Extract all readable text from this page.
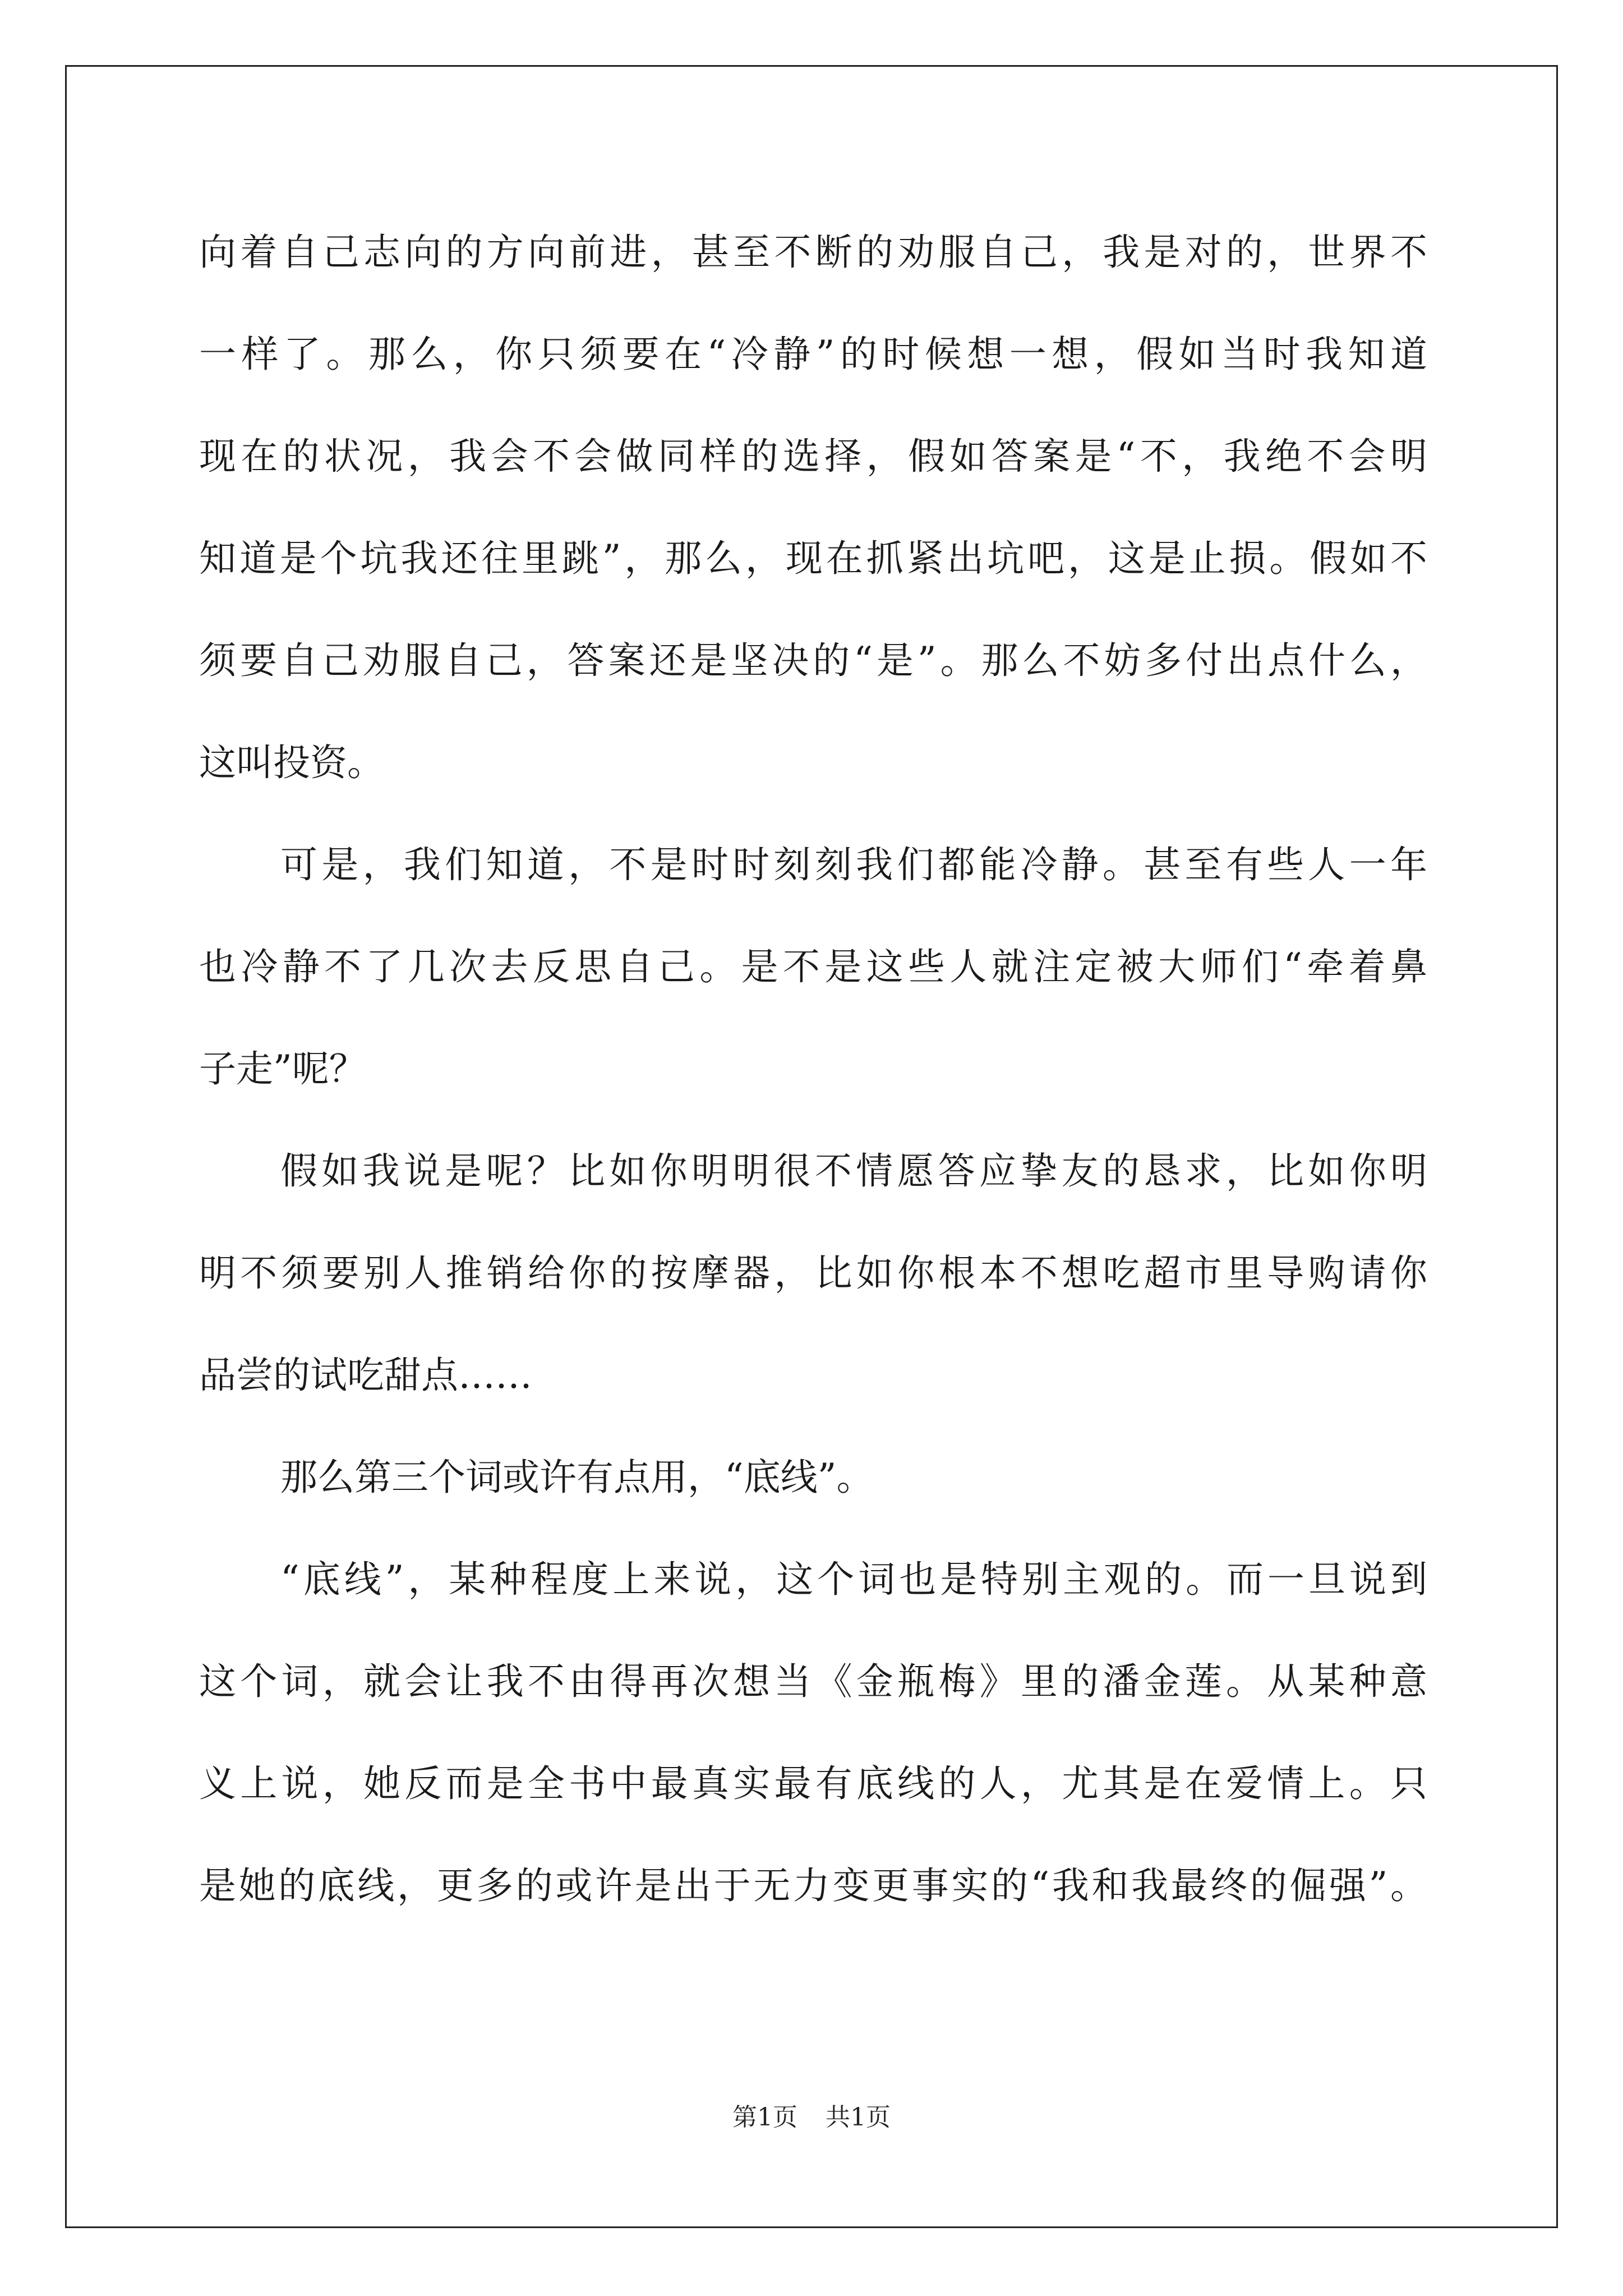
向着自己志向的方向前进，甚至不断的劝服自己，我是对的，世界不
一样了。那么，你只须要在“冷静”的时候想一想，假如当时我知道
现在的状况，我会不会做同样的选择，假如答案是“不，我绝不会明
知道是个坑我还往里跳”，那么，现在抓紧出坑吧，这是止损。假如不
须要自己劝服自己，答案还是坚决的“是”。那么不妨多付出点什么，
这叫投资。
可是，我们知道，不是时时刻刻我们都能冷静。甚至有些人一年
也冷静不了几次去反思自己。是不是这些人就注定被大师们“牵着鼻
子走”呢？
假如我说是呢？比如你明明很不情愿答应挚友的恳求，比如你明
明不须要别人推销给你的按摩器，比如你根本不想吃超市里导购请你
品尝的试吃甜点……
那么第三个词或许有点用，“底线”。
“底线”，某种程度上来说，这个词也是特别主观的。而一旦说到
这个词，就会让我不由得再次想当《金瓶梅》里的潘金莲。从某种意
义上说，她反而是全书中最真实最有底线的人，尤其是在爱情上。只
是她的底线，更多的或许是出于无力变更事实的“我和我最终的倔强”。
第1页 共1页
